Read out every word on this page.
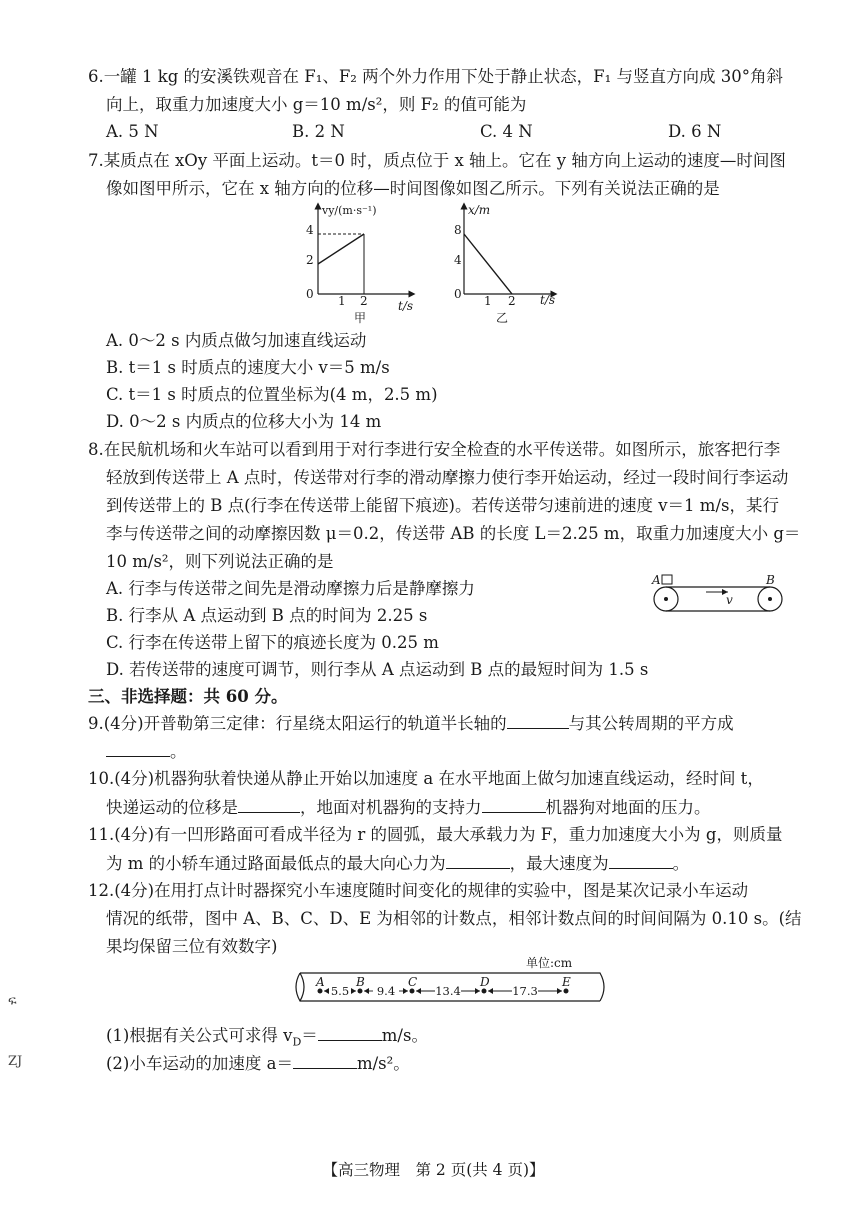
6.一罐 1 kg 的安溪铁观音在 F₁、F₂ 两个外力作用下处于静止状态，F₁ 与竖直方向成 30°角斜
向上，取重力加速度大小 g＝10 m/s²，则 F₂ 的值可能为
A. 5 N	B. 2 N	C. 4 N	D. 6 N
7.某质点在 xOy 平面上运动。t＝0 时，质点位于 x 轴上。它在 y 轴方向上运动的速度—时间图
像如图甲所示，它在 x 轴方向的位移—时间图像如图乙所示。下列有关说法正确的是
vy/(m·s⁻¹)
t/s
4
2
0 1 2
甲
x/m
t/s
8
4
0 1 2
乙
A. 0～2 s 内质点做匀加速直线运动
B. t＝1 s 时质点的速度大小 v＝5 m/s
C. t＝1 s 时质点的位置坐标为(4 m，2.5 m)
D. 0～2 s 内质点的位移大小为 14 m
8.在民航机场和火车站可以看到用于对行李进行安全检查的水平传送带。如图所示，旅客把行李
轻放到传送带上 A 点时，传送带对行李的滑动摩擦力使行李开始运动，经过一段时间行李运动
到传送带上的 B 点(行李在传送带上能留下痕迹)。若传送带匀速前进的速度 v＝1 m/s，某行
李与传送带之间的动摩擦因数 μ＝0.2，传送带 AB 的长度 L＝2.25 m，取重力加速度大小 g＝
10 m/s²，则下列说法正确的是
A. 行李与传送带之间先是滑动摩擦力后是静摩擦力
B. 行李从 A 点运动到 B 点的时间为 2.25 s
C. 行李在传送带上留下的痕迹长度为 0.25 m
D. 若传送带的速度可调节，则行李从 A 点运动到 B 点的最短时间为 1.5 s
A	B
v
三、非选择题：共 60 分。
9.(4分)开普勒第三定律：行星绕太阳运行的轨道半长轴的	与其公转周期的平方成
。
10.(4分)机器狗驮着快递从静止开始以加速度 a 在水平地面上做匀加速直线运动，经时间 t，
快递运动的位移是	，地面对机器狗的支持力	机器狗对地面的压力。
11.(4分)有一凹形路面可看成半径为 r 的圆弧，最大承载力为 F，重力加速度大小为 g，则质量
为 m 的小轿车通过路面最低点的最大向心力为	，最大速度为	。
12.(4分)在用打点计时器探究小车速度随时间变化的规律的实验中，图是某次记录小车运动
情况的纸带，图中 A、B、C、D、E 为相邻的计数点，相邻计数点间的时间间隔为 0.10 s。(结
果均保留三位有效数字)
单位:cm
A	B	C	D	E
5.5 9.4	13.4	17.3
(1)根据有关公式可求得 $v_D=$	m/s。
(2)小车运动的加速度 a＝	m/s²。
ፍ
ZJ
【高三物理　第 2 页(共 4 页)】
